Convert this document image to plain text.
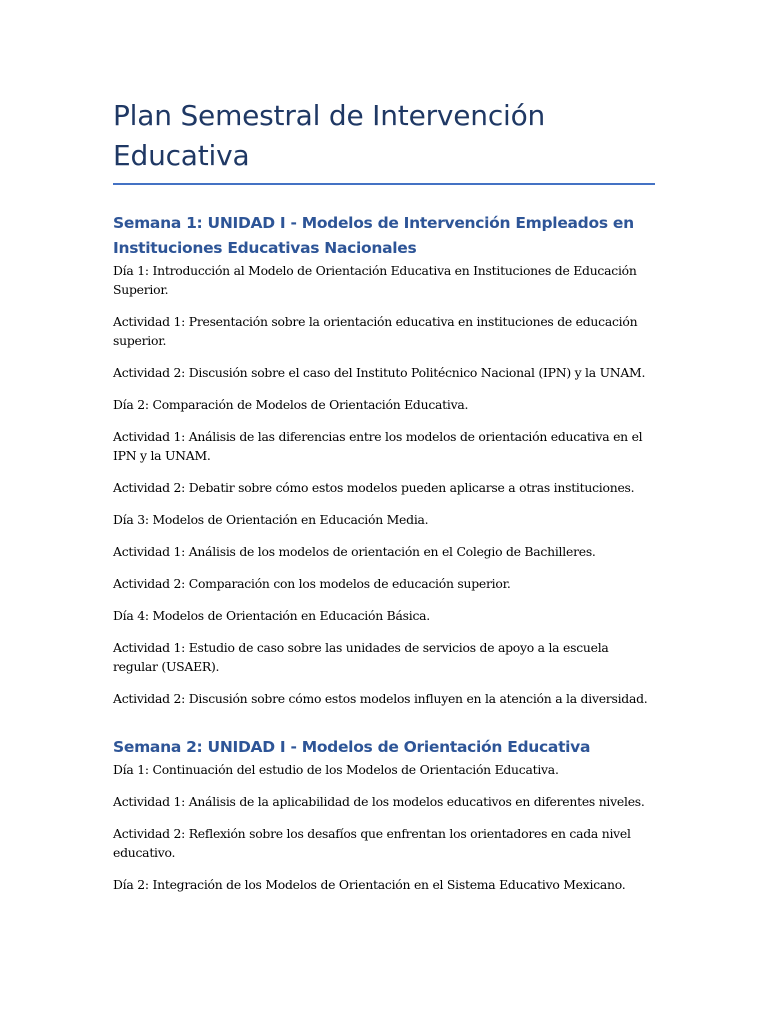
Plan Semestral de Intervención Educativa
Semana 1: UNIDAD I - Modelos de Intervención Empleados en Instituciones Educativas Nacionales

Día 1: Introducción al Modelo de Orientación Educativa en Instituciones de Educación Superior.

Actividad 1: Presentación sobre la orientación educativa en instituciones de educación superior.

Actividad 2: Discusión sobre el caso del Instituto Politécnico Nacional (IPN) y la UNAM.

Día 2: Comparación de Modelos de Orientación Educativa.

Actividad 1: Análisis de las diferencias entre los modelos de orientación educativa en el IPN y la UNAM.

Actividad 2: Debatir sobre cómo estos modelos pueden aplicarse a otras instituciones.

Día 3: Modelos de Orientación en Educación Media.

Actividad 1: Análisis de los modelos de orientación en el Colegio de Bachilleres.

Actividad 2: Comparación con los modelos de educación superior.

Día 4: Modelos de Orientación en Educación Básica.

Actividad 1: Estudio de caso sobre las unidades de servicios de apoyo a la escuela regular (USAER).

Actividad 2: Discusión sobre cómo estos modelos influyen en la atención a la diversidad.

Semana 2: UNIDAD I - Modelos de Orientación Educativa

Día 1: Continuación del estudio de los Modelos de Orientación Educativa.

Actividad 1: Análisis de la aplicabilidad de los modelos educativos en diferentes niveles.

Actividad 2: Reflexión sobre los desafíos que enfrentan los orientadores en cada nivel educativo.

Día 2: Integración de los Modelos de Orientación en el Sistema Educativo Mexicano.
